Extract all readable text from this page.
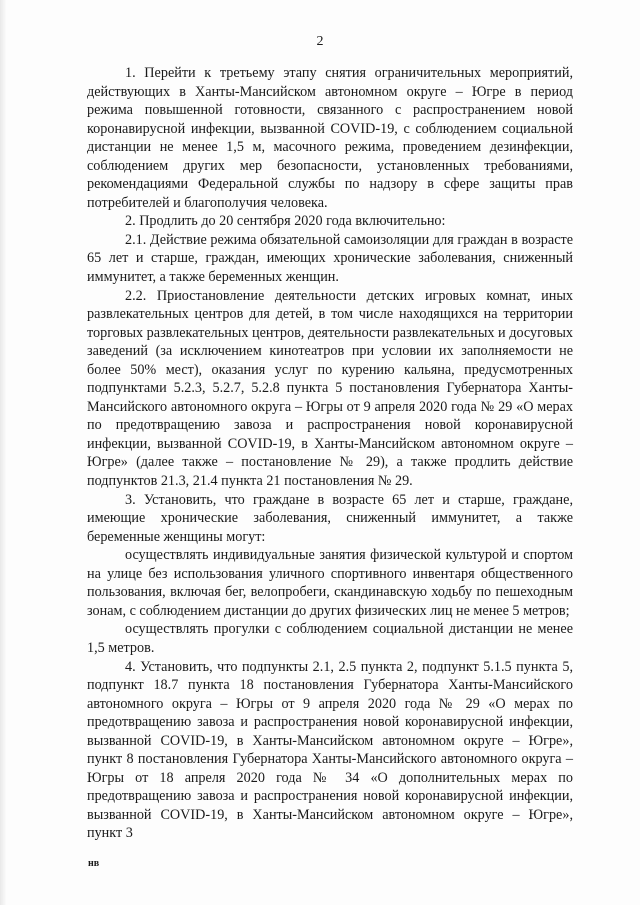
2

1. Перейти к третьему этапу снятия ограничительных мероприятий, действующих в Ханты-Мансийском автономном округе – Югре в период режима повышенной готовности, связанного с распространением новой коронавирусной инфекции, вызванной COVID-19, с соблюдением социальной дистанции не менее 1,5 м, масочного режима, проведением дезинфекции, соблюдением других мер безопасности, установленных требованиями, рекомендациями Федеральной службы по надзору в сфере защиты прав потребителей и благополучия человека.

2. Продлить до 20 сентября 2020 года включительно:

2.1. Действие режима обязательной самоизоляции для граждан в возрасте 65 лет и старше, граждан, имеющих хронические заболевания, сниженный иммунитет, а также беременных женщин.

2.2. Приостановление деятельности детских игровых комнат, иных развлекательных центров для детей, в том числе находящихся на территории торговых развлекательных центров, деятельности развлекательных и досуговых заведений (за исключением кинотеатров при условии их заполняемости не более 50% мест), оказания услуг по курению кальяна, предусмотренных подпунктами 5.2.3, 5.2.7, 5.2.8 пункта 5 постановления Губернатора Ханты-Мансийского автономного округа – Югры от 9 апреля 2020 года № 29 «О мерах по предотвращению завоза и распространения новой коронавирусной инфекции, вызванной COVID-19, в Ханты-Мансийском автономном округе – Югре» (далее также – постановление № 29), а также продлить действие подпунктов 21.3, 21.4 пункта 21 постановления № 29.

3. Установить, что граждане в возрасте 65 лет и старше, граждане, имеющие хронические заболевания, сниженный иммунитет, а также беременные женщины могут:

осуществлять индивидуальные занятия физической культурой и спортом на улице без использования уличного спортивного инвентаря общественного пользования, включая бег, велопробеги, скандинавскую ходьбу по пешеходным зонам, с соблюдением дистанции до других физических лиц не менее 5 метров;

осуществлять прогулки с соблюдением социальной дистанции не менее 1,5 метров.

4. Установить, что подпункты 2.1, 2.5 пункта 2, подпункт 5.1.5 пункта 5, подпункт 18.7 пункта 18 постановления Губернатора Ханты-Мансийского автономного округа – Югры от 9 апреля 2020 года № 29 «О мерах по предотвращению завоза и распространения новой коронавирусной инфекции, вызванной COVID-19, в Ханты-Мансийском автономном округе – Югре», пункт 8 постановления Губернатора Ханты-Мансийского автономного округа – Югры от 18 апреля 2020 года № 34 «О дополнительных мерах по предотвращению завоза и распространения новой коронавирусной инфекции, вызванной COVID-19, в Ханты-Мансийском автономном округе – Югре», пункт 3

нв
